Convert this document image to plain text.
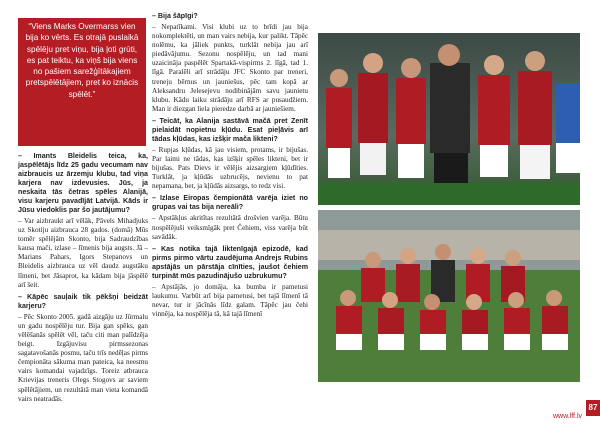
“Viens Marks Overmarss vien bija ko vērts. Es otrajā puslaikā spēlēju pret viņu, bija ļoti grūti, es pat teiktu, ka viņš bija viens no pašiem sarežģītākajiem pretspēlētājiem, pret ko iznācis spēlēt.”

– Imants Bleidelis teica, ka, jaspēlētājs līdz 25 gadu vecumam nav aizbraucis uz ārzemju klubu, tad viņa karjera nav izdevusies. Jūs, ja neskaita tās četras spēles Alanijā, visu karjeru pavadījāt Latvijā. Kāds ir Jūsu viedoklis par šo jautājumu?

– Var aizbraukt arī vēlāk, Pāvels Mihadjuks uz Skotiju aizbrauca 28 gados. (domā) Mūs tomēr spēlējām Skonto, bija Sadraudzības kausa mači, izlase – līmenis bija augsts. Jā – Marians Pahars, Igors Stepanovs un Bleidelis aizbrauca uz vēl daudz augstāku līmeni, bet Jāsaprot, ka kādam bija jāspēlē arī šeit.

– Kāpēc sauļaik tik pēkšņi beidzāt karjeru?

– Pēc Skonto 2005. gadā aizgāju uz Jūrmalu un gadu nospēlēju tur. Bija gan spēks, gan vēlēšanās spēlēt vēl, taču citi man palīdzēja beigt. Izgājuvisu pirmssezonas sagatavošanās posmu, taču trīs nedēļas pirms čempionāta sākuma man pateica, ka neesmu vairs komandai vajadzīgs. Toreiz atbrauca Krievijas treneris Olegs Stogovs ar saviem spēlētājiem, un rezultātā man vieta komandā vairs neatradās.

– Bija šāpīgi?

– Nepatīkami. Visi klubi uz to brīdi jau bija nokomplektēti, un man vairs nebija, kur palikt. Tāpēc nolēmu, ka jāliek punkts, turklāt nebija jau arī piedāvājumu. Sezonu nospēlēju, un tad mani uzaicināja paspēlēt Spartakā-vispirms 2. līgā, tad 1. līgā. Paralēli arī strādāju JFC Skonto par treneri, treneju bērnus un jauniešus, pēc tam kopā ar Aleksandru Jelesejevu nodibinājām savu jaunietu klubu. Kādu laiku strādāju arī RFS ar pusaudžiem. Man ir diezgan liela pieredze darbā ar jauniešiem.

– Teicāt, ka Alanija sastāvā mačā pret Zenīt pielaidāt nopietnu kļūdu. Esat pieļāvis arī tādas kļūdas, kas izšķir mača likteni?

– Rupjas kļūdas, kā jau visiem, protams, ir bijušas. Par laimi ne tādas, kas izšķir spēles likteni, bet ir bijušas. Pats Dievs ir vēlējis aizsargiem kļūdīties. Turklāt, ja kļūdās uzbrucējs, nevienu to pat nepamana, bet, ja kļūdās aizsargs, to redz visi.

– Izlase Eiropas čempionātā varēja iziet no grupas vai tas bija nereāli?

– Apstākļus akritītas rezultātā drošvien varēja. Būtu nospēlējuši veiksmīgāk pret Čehiem, viss varēja būt savādāk.

– Kas notika tajā liktenīgajā epizodē, kad pirms pirmo vārtu zaudējuma Andrejs Rubins apstājās un pārstāja cīnīties, jaušot čehiem turpināt mūs pazudinājušo uzbrukumu?

– Apstājās, jo domāja, ka bumba ir pametusi laukumu. Varbūt arī bija pametusi, bet tajā līmenī tā nevar, tur ir jācīnās līdz galam. Tāpēc jau čehi vinnēja, ka nospēlēja tā, kā tajā līmenī

www.lff.lv
87
